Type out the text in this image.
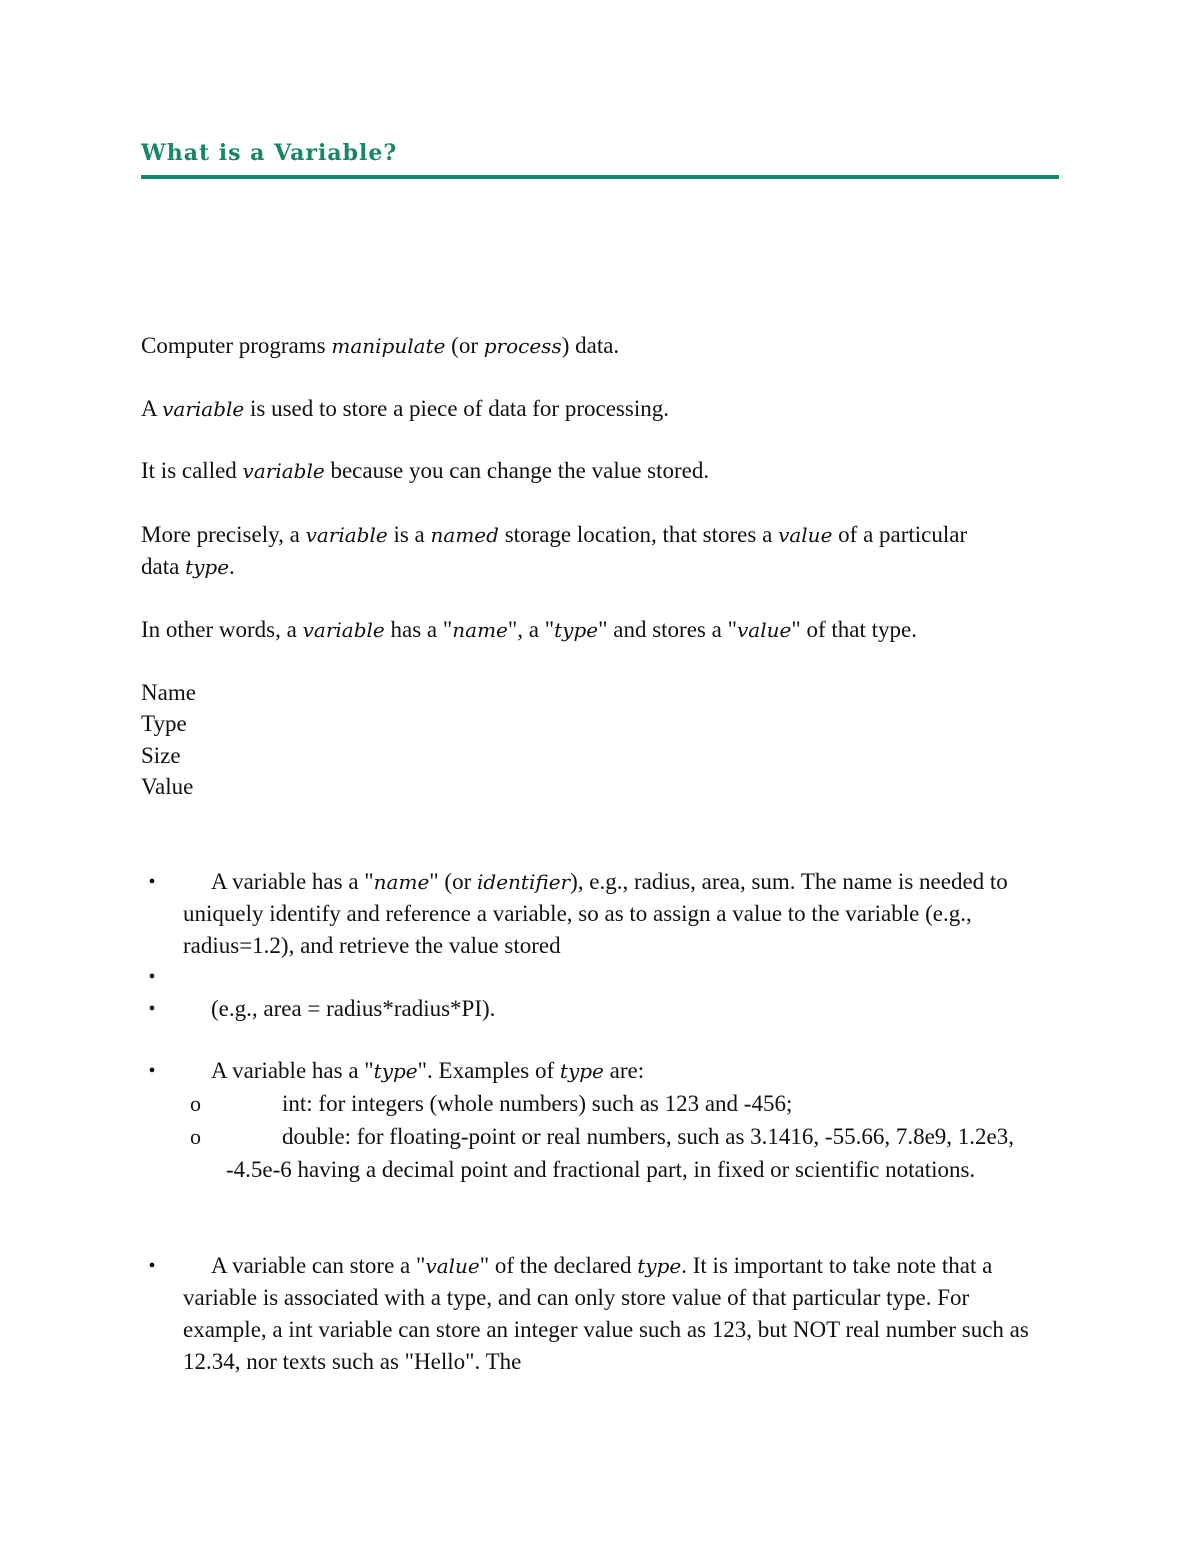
What is a Variable?

Computer programs manipulate (or process) data.

A variable is used to store a piece of data for processing.

It is called variable because you can change the value stored.

More precisely, a variable is a named storage location, that stores a value of a particular data type.

In other words, a variable has a "name", a "type" and stores a "value" of that type.

Name

Type

Size

Value

•	A variable has a "name" (or identifier), e.g., radius, area, sum. The name is needed to uniquely identify and reference a variable, so as to assign a value to the variable (e.g., radius=1.2), and retrieve the value stored

•
•	(e.g., area = radius*radius*PI).

•	A variable has a "type". Examples of type are:

o	int: for integers (whole numbers) such as 123 and -456;

o	double: for floating-point or real numbers, such as 3.1416, -55.66, 7.8e9, 1.2e3, -4.5e-6 having a decimal point and fractional part, in fixed or scientific notations.

•	A variable can store a "value" of the declared type. It is important to take note that a variable is associated with a type, and can only store value of that particular type. For example, a int variable can store an integer value such as 123, but NOT real number such as 12.34, nor texts such as "Hello". The
